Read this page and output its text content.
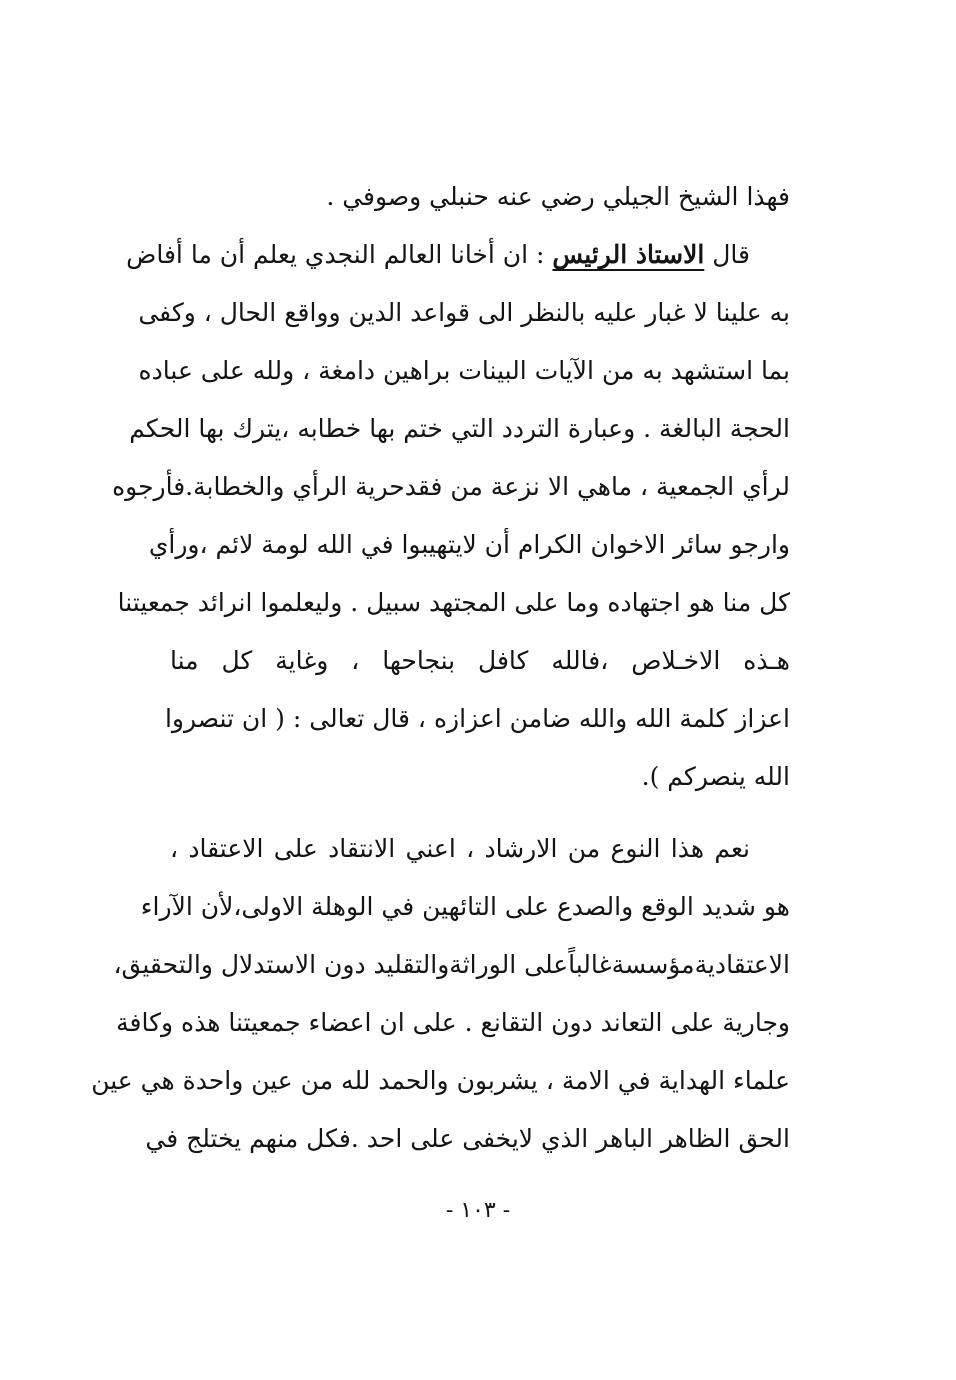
فهذا الشيخ الجيلي رضي عنه حنبلي وصوفي .
قال الاستاذ الرئيس : ان أخانا العالم النجدي يعلم أن ما أفاض
به علينا لا غبار عليه بالنظر الى قواعد الدين وواقع الحال ، وكفى
بما استشهد به من الآيات البينات براهين دامغة ، ولله على عباده
الحجة البالغة . وعبارة التردد التي ختم بها خطابه ،يترك بها الحكم
لرأي الجمعية ، ماهي الا نزعة من فقدحرية الرأي والخطابة.فأرجوه
وارجو سائر الاخوان الكرام أن لايتهيبوا في الله لومة لائم ،ورأي
كل منا هو اجتهاده وما على المجتهد سبيل . وليعلموا انرائد جمعيتنا
هـذه الاخـلاص ،فالله كافل بنجاحها ، وغاية كل منا
اعزاز كلمة الله والله ضامن اعزازه ، قال تعالى : ( ان تنصروا
الله ينصركم ).
نعم هذا النوع من الارشاد ، اعني الانتقاد على الاعتقاد ،
هو شديد الوقع والصدع على التائهين في الوهلة الاولى،لأن الآراء
الاعتقاديةمؤسسةغالباًعلى الوراثةوالتقليد دون الاستدلال والتحقيق،
وجارية على التعاند دون التقانع . على ان اعضاء جمعيتنا هذه وكافة
علماء الهداية في الامة ، يشربون والحمد لله من عين واحدة هي عين
الحق الظاهر الباهر الذي لايخفى على احد .فكل منهم يختلج في
- ١٠٣ -
